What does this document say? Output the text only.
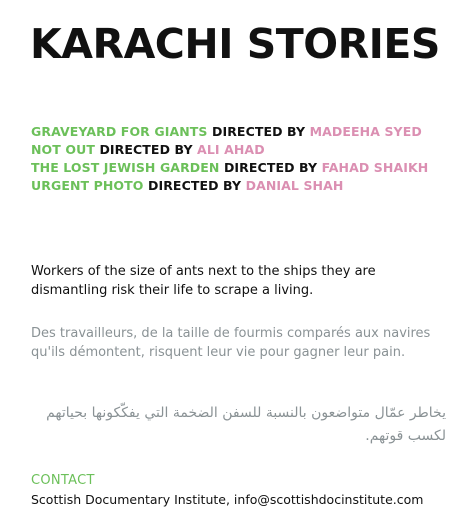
KARACHI STORIES
GRAVEYARD FOR GIANTS DIRECTED BY MADEEHA SYED
NOT OUT DIRECTED BY ALI AHAD
THE LOST JEWISH GARDEN DIRECTED BY FAHAD SHAIKH
URGENT PHOTO DIRECTED BY DANIAL SHAH

Workers of the size of ants next to the ships they are dismantling risk their life to scrape a living.

Des travailleurs, de la taille de fourmis comparés aux navires qu'ils démontent, risquent leur vie pour gagner leur pain.

يخاطر عمّال متواضعون بالنسبة للسفن الضخمة التي يفكّكونها بحياتهم لكسب قوتهم.

CONTACT

Scottish Documentary Institute, info@scottishdocinstitute.com
